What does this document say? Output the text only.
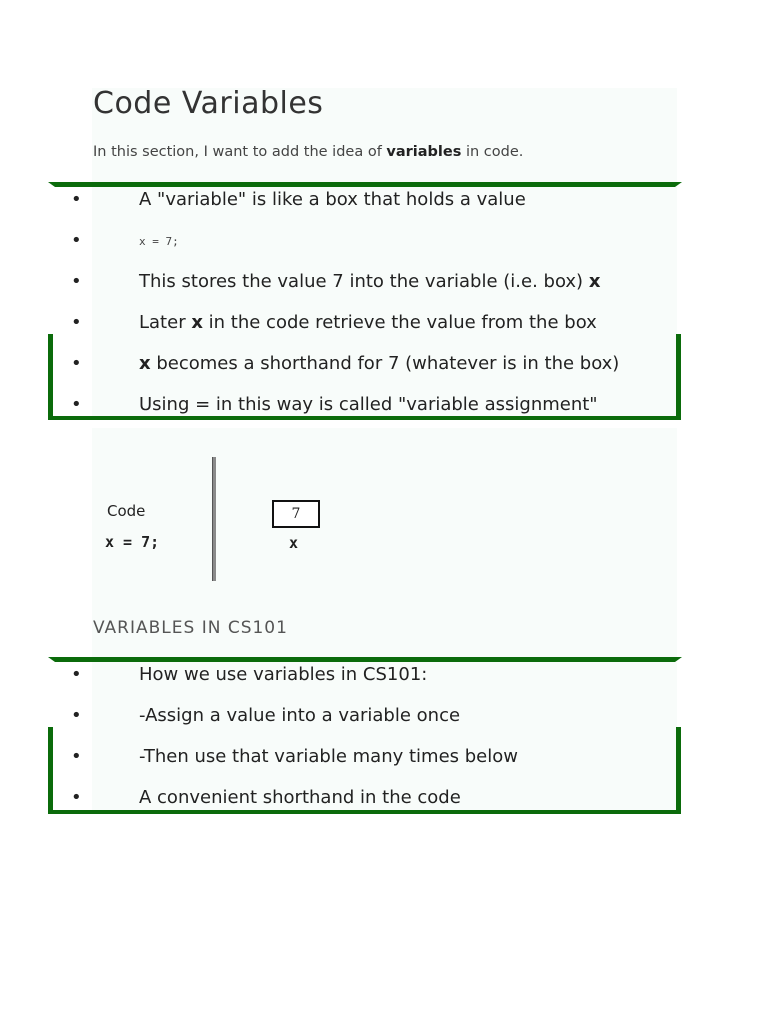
Code Variables
In this section, I want to add the idea of variables in code.
•	A "variable" is like a box that holds a value
•	x = 7;
•	This stores the value 7 into the variable (i.e. box) x
•	Later x in the code retrieve the value from the box
•	x becomes a shorthand for 7 (whatever is in the box)
•	Using = in this way is called "variable assignment"
Code
x = 7;
7
x
VARIABLES IN CS101
•	How we use variables in CS101:
•	-Assign a value into a variable once
•	-Then use that variable many times below
•	A convenient shorthand in the code
